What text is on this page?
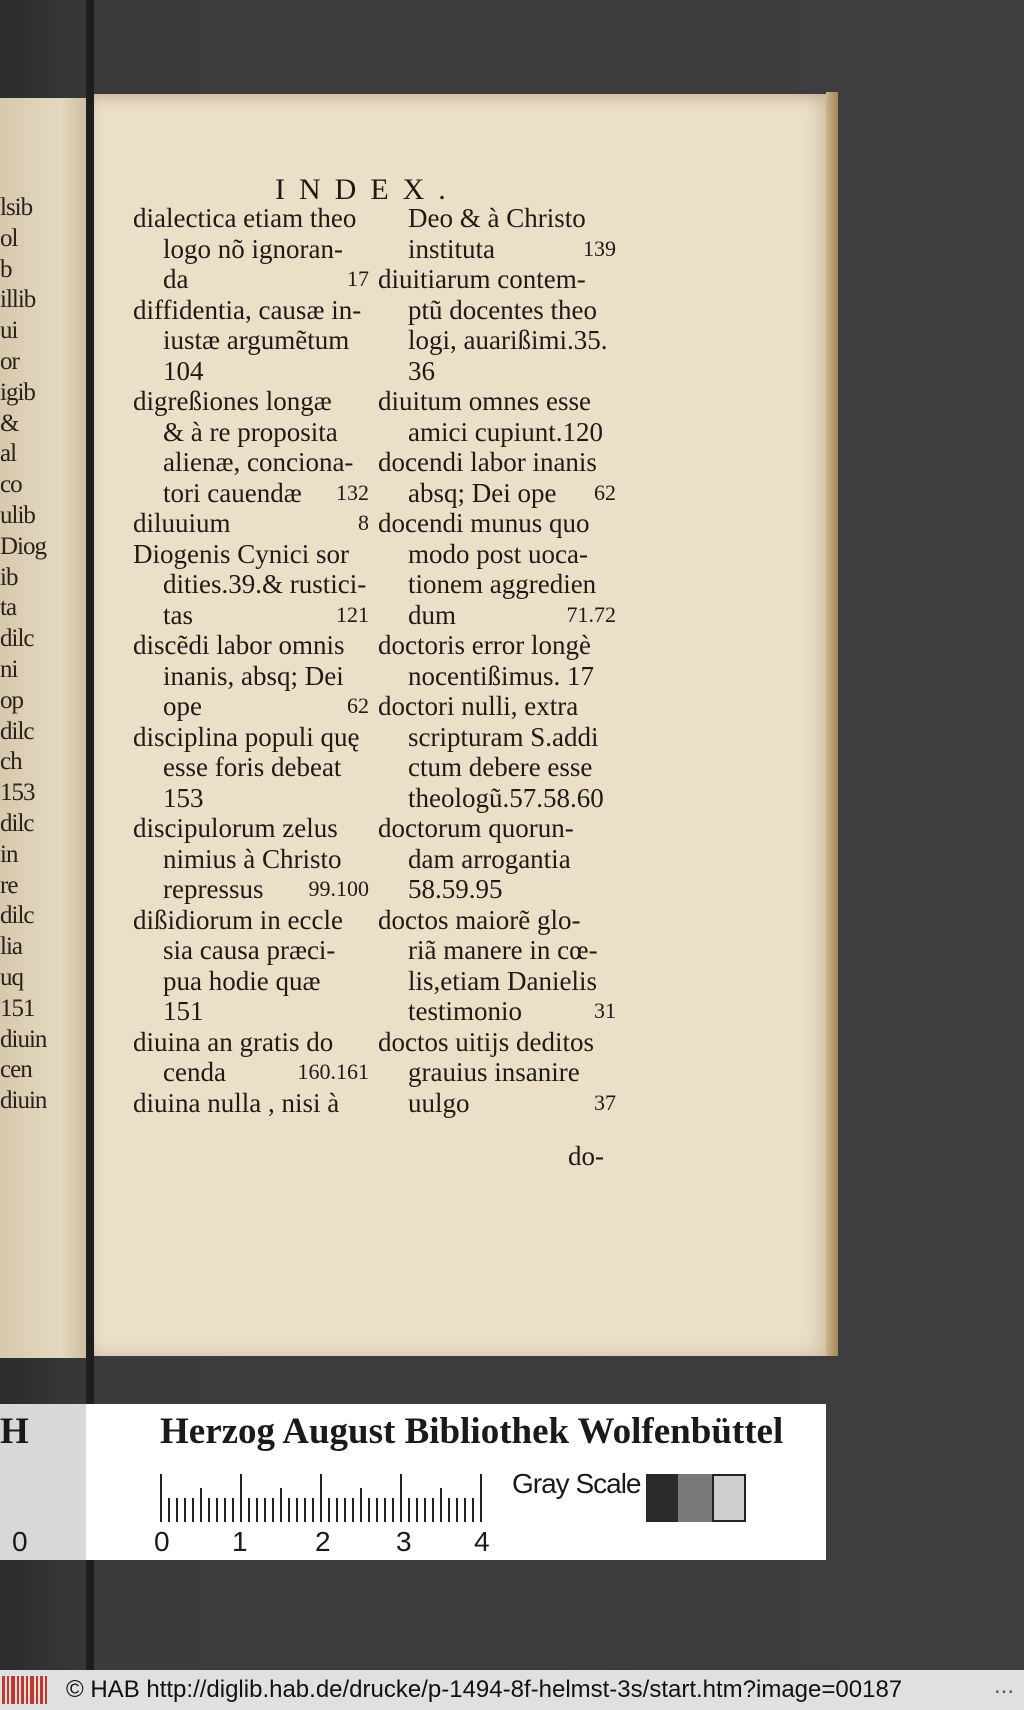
lsib
ol
b
illib
ui
or
igib
&
al
co
ulib
Diog
ib
ta
dilc
ni
op
dilc
ch
153
dilc
in
re
dilc
lia
uq
151
diuin
cen
diuin
INDEX.
dialectica etiam theo
logo nõ ignoran-
da	17
diffidentia, causæ in-
iustæ argumẽtum
104
digreßiones longæ
& à re proposita
alienæ, conciona-
tori cauendæ 132
diluuium	8
Diogenis Cynici sor
dities.39.& rustici-
tas	121
discẽdi labor omnis
inanis, absq; Dei
ope	62
disciplina populi quę
esse foris debeat
153
discipulorum zelus
nimius à Christo
repressus 99.100
dißidiorum in eccle
sia causa præci-
pua hodie quæ
151
diuina an gratis do
cenda	160.161
diuina nulla , nisi à
Deo & à Christo
instituta	139
diuitiarum contem-
ptũ docentes theo
logi, auarißimi.35.
36
diuitum omnes esse
amici cupiunt.120
docendi labor inanis
absq; Dei ope 62
docendi munus quo
modo post uoca-
tionem aggredien
dum	71.72
doctoris error longè
nocentißimus. 17
doctori nulli, extra
scripturam S.addi
ctum debere esse
theologũ.57.58.60
doctorum quorun-
dam arrogantia
58.59.95
doctos maiorẽ glo-
riã manere in cœ-
lis,etiam Danielis
testimonio	31
doctos uitijs deditos
grauius insanire
uulgo	37
do-
H
0
Herzog August Bibliothek Wolfenbüttel
0 1 2 3 4
Gray Scale
© HAB http://diglib.hab.de/drucke/p-1494-8f-helmst-3s/start.htm?image=00187	...
